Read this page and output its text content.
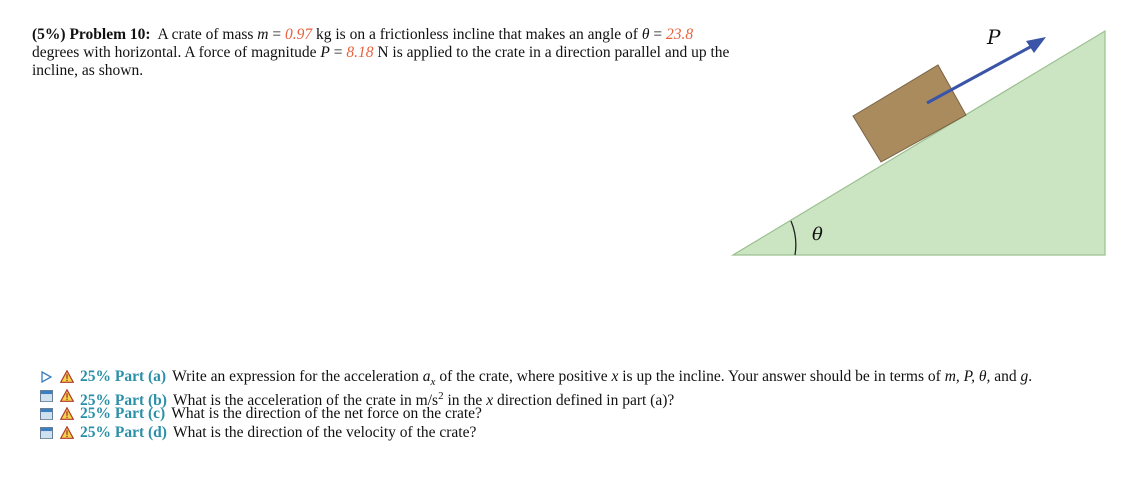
(5%) Problem 10: A crate of mass m = 0.97 kg is on a frictionless incline that makes an angle of θ = 23.8 degrees with horizontal. A force of magnitude P = 8.18 N is applied to the crate in a direction parallel and up the incline, as shown.
θ
P
25% Part (a) Write an expression for the acceleration $a_x$ of the crate, where positive x is up the incline. Your answer should be in terms of m, P, θ, and g.
25% Part (b) What is the acceleration of the crate in $m/s^2$ in the x direction defined in part (a)?
25% Part (c) What is the direction of the net force on the crate?
25% Part (d) What is the direction of the velocity of the crate?
